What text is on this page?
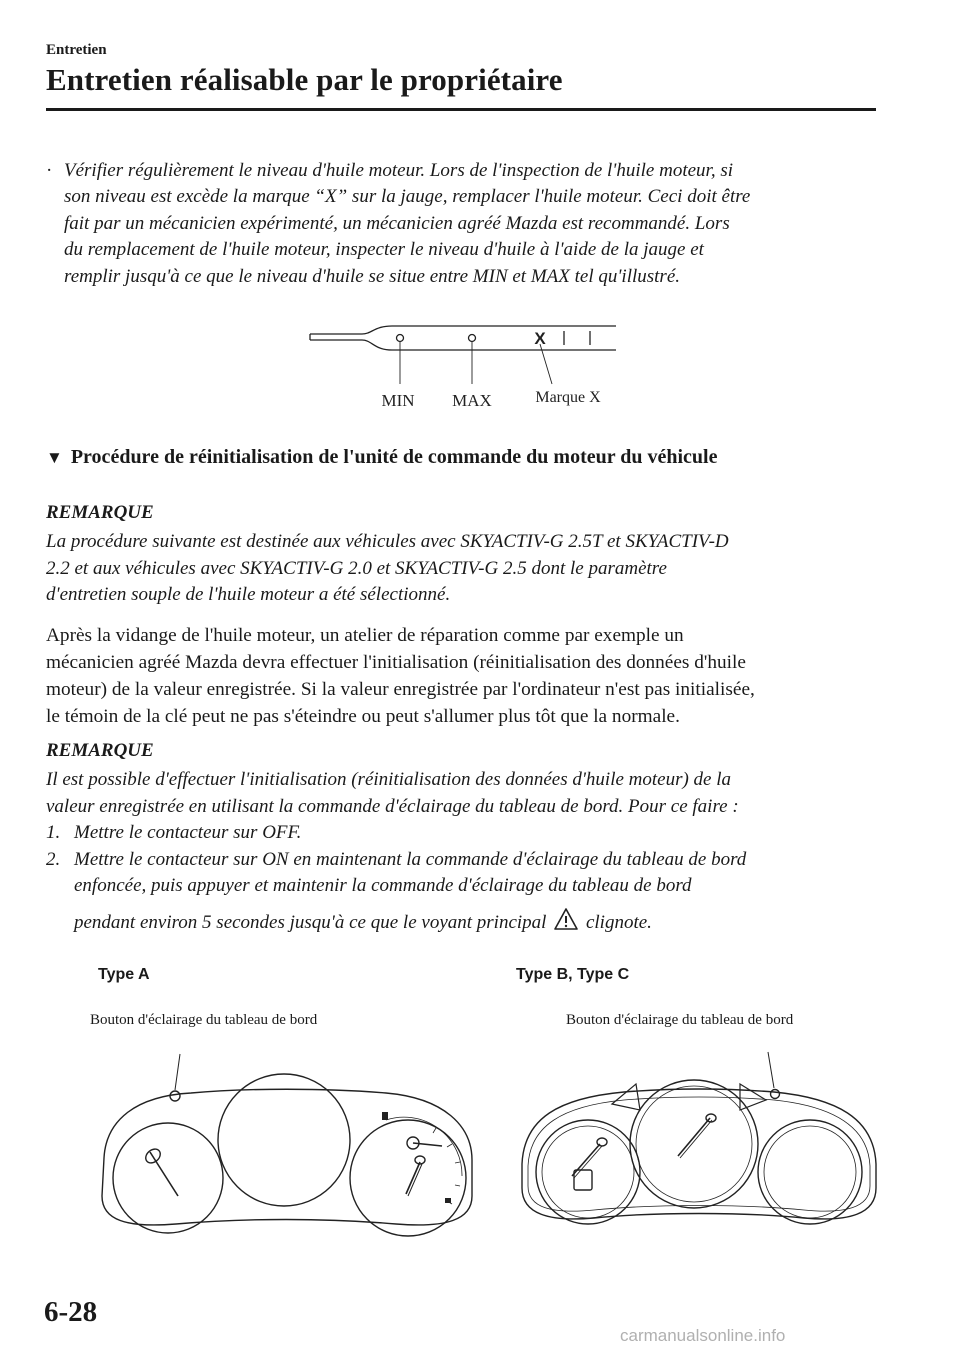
Entretien
Entretien réalisable par le propriétaire
· Vérifier régulièrement le niveau d'huile moteur. Lors de l'inspection de l'huile moteur, si
son niveau est excède la marque “X” sur la jauge, remplacer l'huile moteur. Ceci doit être
fait par un mécanicien expérimenté, un mécanicien agréé Mazda est recommandé. Lors
du remplacement de l'huile moteur, inspecter le niveau d'huile à l'aide de la jauge et
remplir jusqu'à ce que le niveau d'huile se situe entre MIN et MAX tel qu'illustré.
X
MIN MAX	Marque X
▼ Procédure de réinitialisation de l'unité de commande du moteur du véhicule
REMARQUE
La procédure suivante est destinée aux véhicules avec SKYACTIV-G 2.5T et SKYACTIV-D
2.2 et aux véhicules avec SKYACTIV-G 2.0 et SKYACTIV-G 2.5 dont le paramètre
d'entretien souple de l'huile moteur a été sélectionné.
Après la vidange de l'huile moteur, un atelier de réparation comme par exemple un
mécanicien agréé Mazda devra effectuer l'initialisation (réinitialisation des données d'huile
moteur) de la valeur enregistrée. Si la valeur enregistrée par l'ordinateur n'est pas initialisée,
le témoin de la clé peut ne pas s'éteindre ou peut s'allumer plus tôt que la normale.
REMARQUE
Il est possible d'effectuer l'initialisation (réinitialisation des données d'huile moteur) de la
valeur enregistrée en utilisant la commande d'éclairage du tableau de bord. Pour ce faire :
1. Mettre le contacteur sur OFF.
2. Mettre le contacteur sur ON en maintenant la commande d'éclairage du tableau de bord
enfoncée, puis appuyer et maintenir la commande d'éclairage du tableau de bord
pendant environ 5 secondes jusqu'à ce que le voyant principal clignote.
Type A	Type B, Type C
Bouton d'éclairage du tableau de bord	Bouton d'éclairage du tableau de bord
6-28
carmanualsonline.info
